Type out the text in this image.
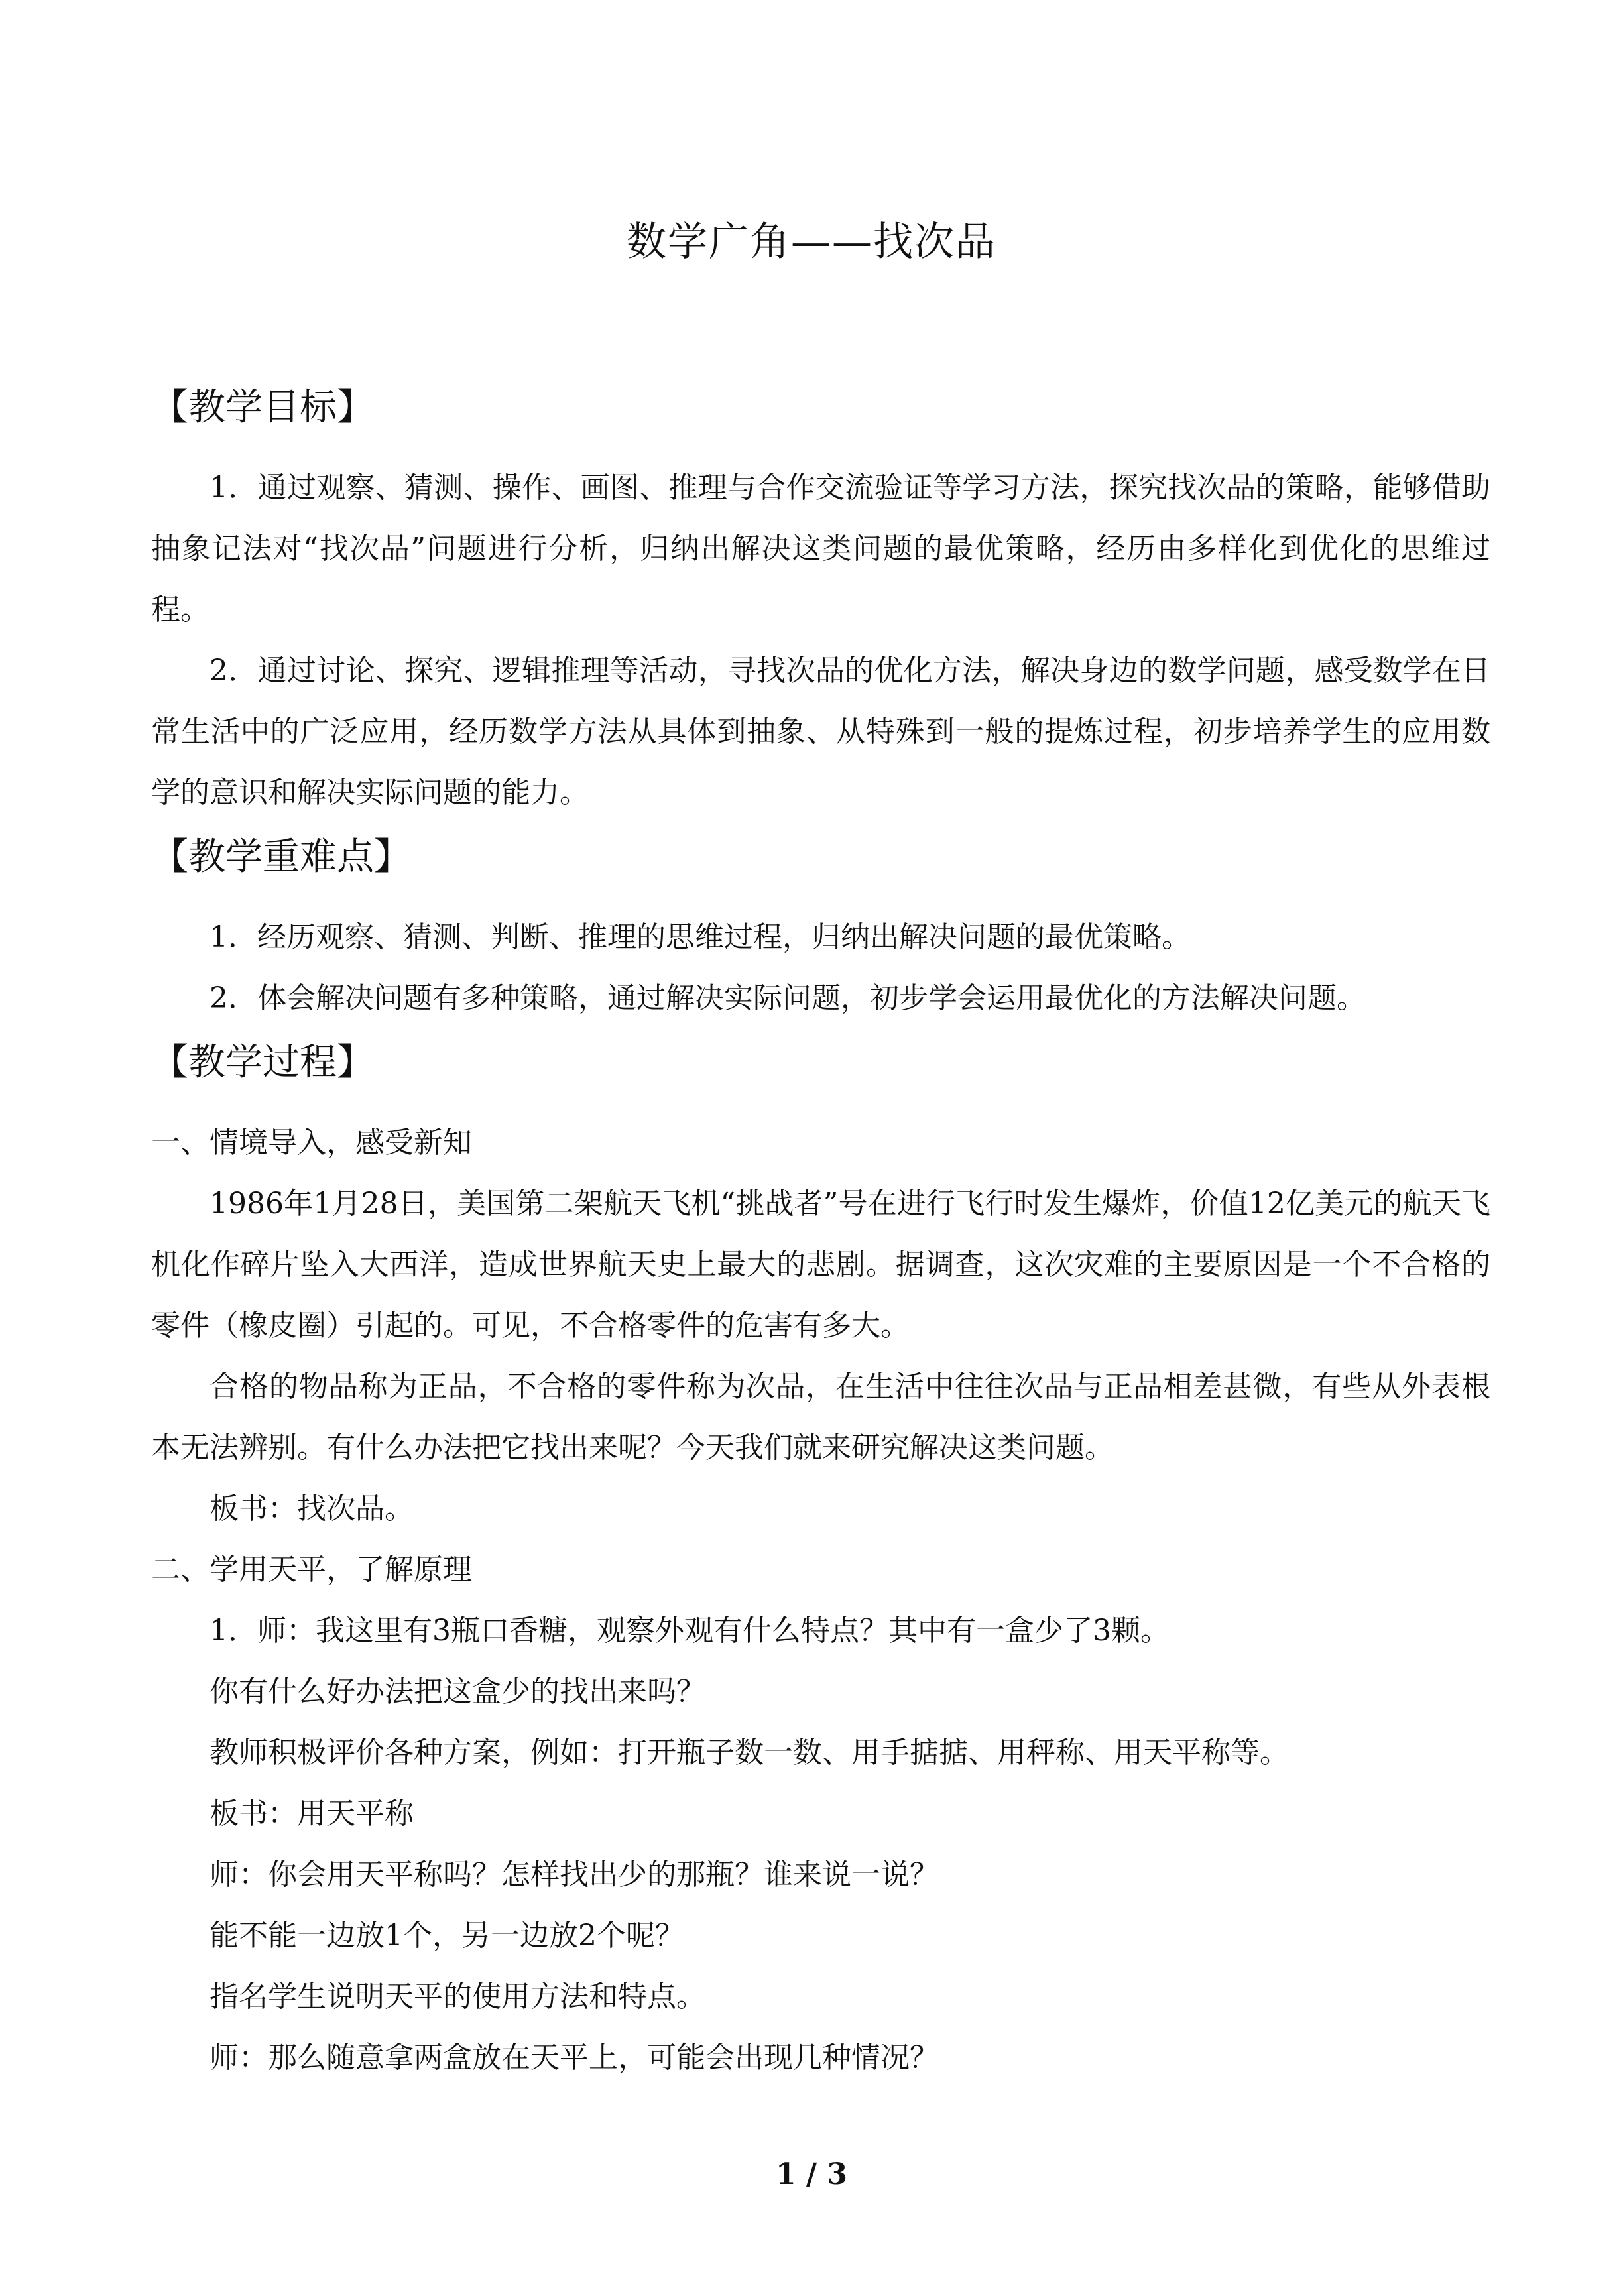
数学广角——找次品
【教学目标】

1．通过观察、猜测、操作、画图、推理与合作交流验证等学习方法，探究找次品的策略，能够借助抽象记法对“找次品”问题进行分析，归纳出解决这类问题的最优策略，经历由多样化到优化的思维过程。

2．通过讨论、探究、逻辑推理等活动，寻找次品的优化方法，解决身边的数学问题，感受数学在日常生活中的广泛应用，经历数学方法从具体到抽象、从特殊到一般的提炼过程，初步培养学生的应用数学的意识和解决实际问题的能力。

【教学重难点】

1．经历观察、猜测、判断、推理的思维过程，归纳出解决问题的最优策略。

2．体会解决问题有多种策略，通过解决实际问题，初步学会运用最优化的方法解决问题。

【教学过程】

一、情境导入，感受新知

1986年1月28日，美国第二架航天飞机“挑战者”号在进行飞行时发生爆炸，价值12亿美元的航天飞机化作碎片坠入大西洋，造成世界航天史上最大的悲剧。据调查，这次灾难的主要原因是一个不合格的零件（橡皮圈）引起的。可见，不合格零件的危害有多大。

合格的物品称为正品，不合格的零件称为次品，在生活中往往次品与正品相差甚微，有些从外表根本无法辨别。有什么办法把它找出来呢？今天我们就来研究解决这类问题。

板书：找次品。

二、学用天平，了解原理

1．师：我这里有3瓶口香糖，观察外观有什么特点？其中有一盒少了3颗。

你有什么好办法把这盒少的找出来吗？

教师积极评价各种方案，例如：打开瓶子数一数、用手掂掂、用秤称、用天平称等。

板书：用天平称

师：你会用天平称吗？怎样找出少的那瓶？谁来说一说？

能不能一边放1个，另一边放2个呢？

指名学生说明天平的使用方法和特点。

师：那么随意拿两盒放在天平上，可能会出现几种情况？

1 / 3
